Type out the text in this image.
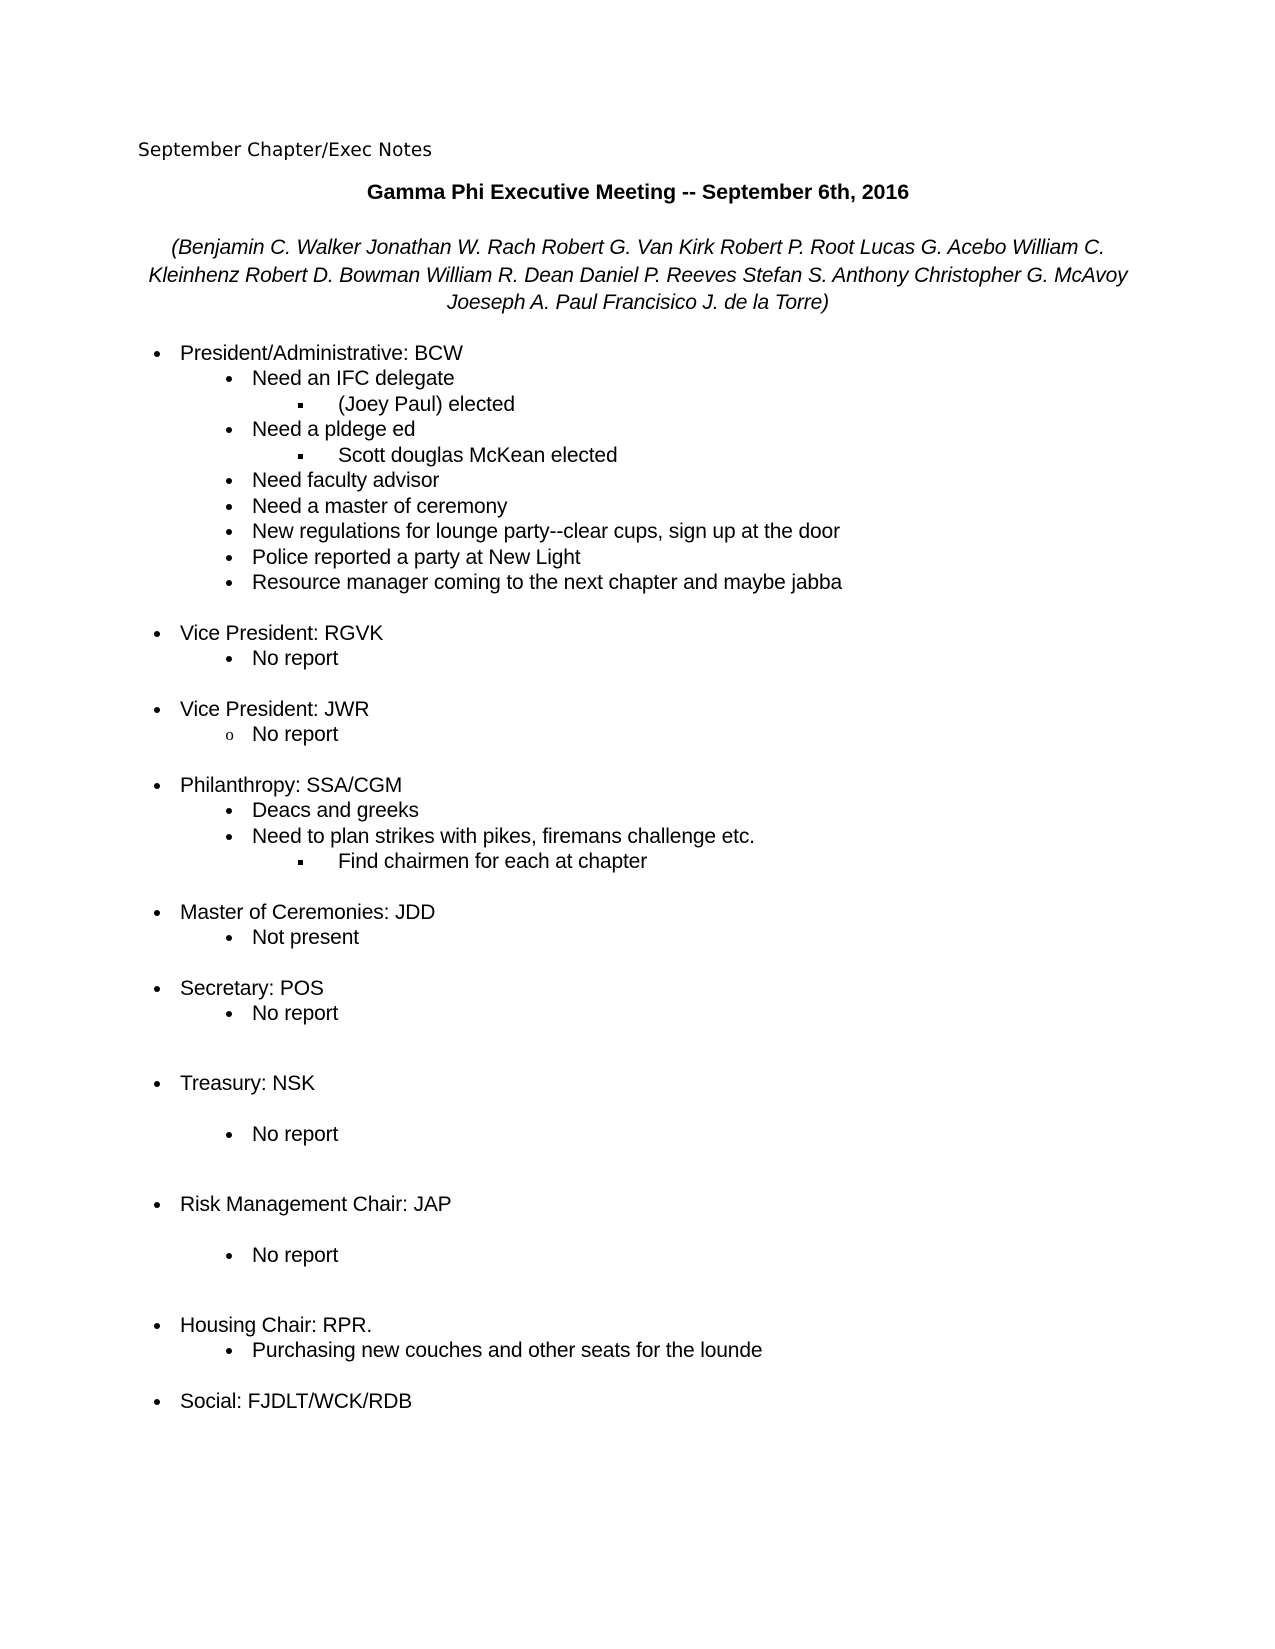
September Chapter/Exec Notes
Gamma Phi Executive Meeting -- September 6th, 2016
(Benjamin C. Walker Jonathan W. Rach Robert G. Van Kirk Robert P. Root Lucas G. Acebo William C. Kleinhenz Robert D. Bowman William R. Dean Daniel P. Reeves Stefan S. Anthony Christopher G. McAvoy Joeseph A. Paul Francisico J. de la Torre)
President/Administrative: BCW
Need an IFC delegate
(Joey Paul) elected
Need a pldege ed
Scott douglas McKean elected
Need faculty advisor
Need a master of ceremony
New regulations for lounge party--clear cups, sign up at the door
Police reported a party at New Light
Resource manager coming to the next chapter and maybe jabba
Vice President: RGVK
No report
Vice President: JWR
o No report
Philanthropy: SSA/CGM
Deacs and greeks
Need to plan strikes with pikes, firemans challenge etc.
Find chairmen for each at chapter
Master of Ceremonies: JDD
Not present
Secretary: POS
No report
Treasury: NSK
No report
Risk Management Chair: JAP
No report
Housing Chair: RPR.
Purchasing new couches and other seats for the lounde
Social: FJDLT/WCK/RDB
